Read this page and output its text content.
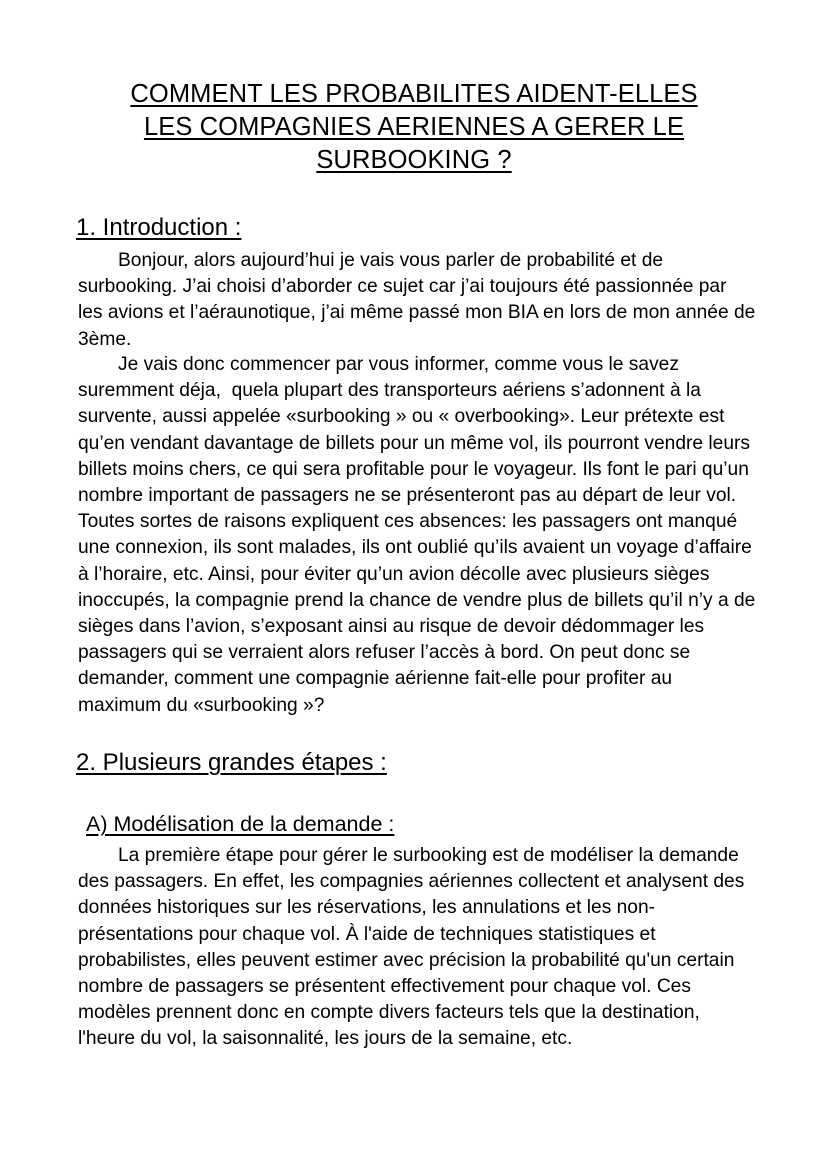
COMMENT LES PROBABILITES AIDENT-ELLES
LES COMPAGNIES AERIENNES A GERER LE
SURBOOKING ?
1. Introduction :

Bonjour, alors aujourd’hui je vais vous parler de probabilité et de surbooking. J’ai choisi d’aborder ce sujet car j’ai toujours été passionnée par les avions et l’aéraunotique, j’ai même passé mon BIA en lors de mon année de 3ème.

Je vais donc commencer par vous informer, comme vous le savez suremment déja,  quela plupart des transporteurs aériens s’adonnent à la survente, aussi appelée «surbooking » ou « overbooking». Leur prétexte est qu’en vendant davantage de billets pour un même vol, ils pourront vendre leurs billets moins chers, ce qui sera profitable pour le voyageur. Ils font le pari qu’un nombre important de passagers ne se présenteront pas au départ de leur vol. Toutes sortes de raisons expliquent ces absences: les passagers ont manqué une connexion, ils sont malades, ils ont oublié qu’ils avaient un voyage d’affaire à l’horaire, etc. Ainsi, pour éviter qu’un avion décolle avec plusieurs sièges inoccupés, la compagnie prend la chance de vendre plus de billets qu’il n’y a de sièges dans l’avion, s’exposant ainsi au risque de devoir dédommager les passagers qui se verraient alors refuser l’accès à bord. On peut donc se demander, comment une compagnie aérienne fait-elle pour profiter au maximum du «surbooking »?

2. Plusieurs grandes étapes :
A) Modélisation de la demande :

La première étape pour gérer le surbooking est de modéliser la demande des passagers. En effet, les compagnies aériennes collectent et analysent des données historiques sur les réservations, les annulations et les non-présentations pour chaque vol. À l'aide de techniques statistiques et probabilistes, elles peuvent estimer avec précision la probabilité qu'un certain nombre de passagers se présentent effectivement pour chaque vol. Ces modèles prennent donc en compte divers facteurs tels que la destination, l'heure du vol, la saisonnalité, les jours de la semaine, etc.
